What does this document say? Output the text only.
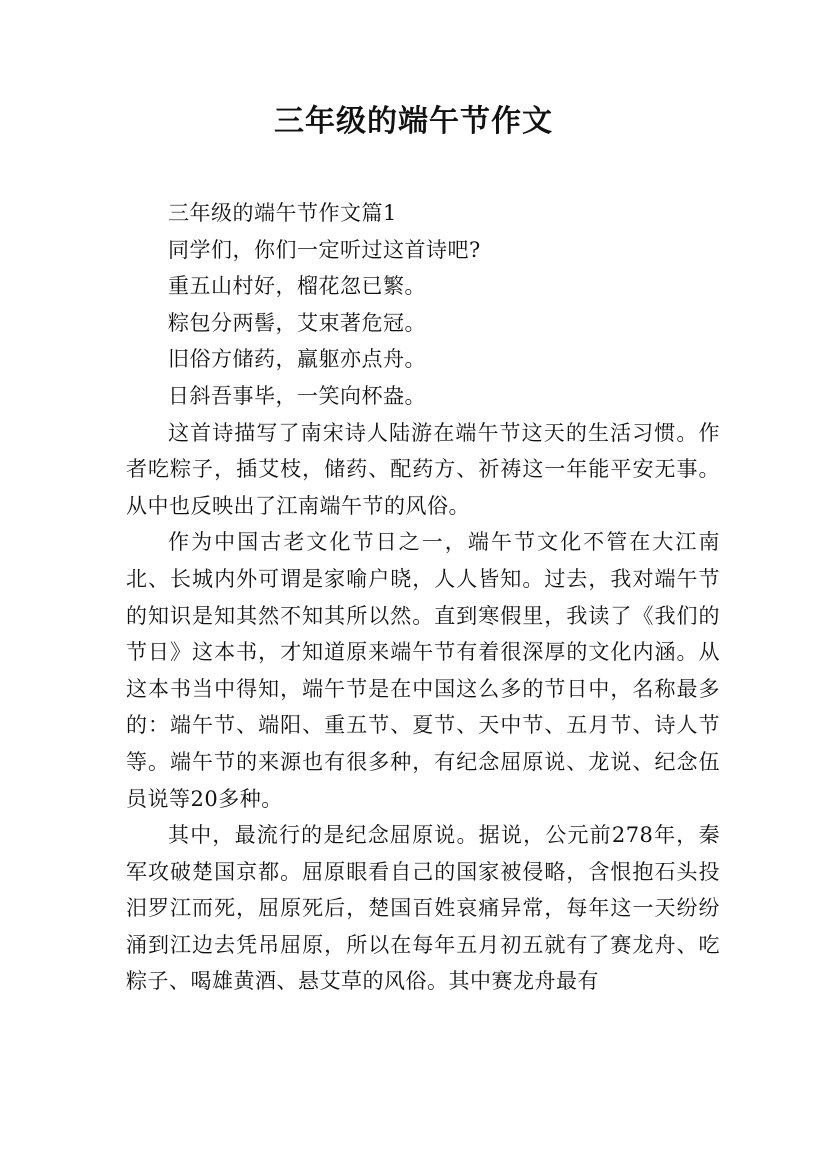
三年级的端午节作文

三年级的端午节作文篇1

同学们，你们一定听过这首诗吧?

重五山村好，榴花忽已繁。

粽包分两髻，艾束著危冠。

旧俗方储药，羸躯亦点舟。

日斜吾事毕，一笑向杯盎。

这首诗描写了南宋诗人陆游在端午节这天的生活习惯。作者吃粽子，插艾枝，储药、配药方、祈祷这一年能平安无事。从中也反映出了江南端午节的风俗。

作为中国古老文化节日之一，端午节文化不管在大江南北、长城内外可谓是家喻户晓，人人皆知。过去，我对端午节的知识是知其然不知其所以然。直到寒假里，我读了《我们的节日》这本书，才知道原来端午节有着很深厚的文化内涵。从这本书当中得知，端午节是在中国这么多的节日中，名称最多的：端午节、端阳、重五节、夏节、天中节、五月节、诗人节等。端午节的来源也有很多种，有纪念屈原说、龙说、纪念伍员说等20多种。

其中，最流行的是纪念屈原说。据说，公元前278年，秦军攻破楚国京都。屈原眼看自己的国家被侵略，含恨抱石头投汨罗江而死，屈原死后，楚国百姓哀痛异常，每年这一天纷纷涌到江边去凭吊屈原，所以在每年五月初五就有了赛龙舟、吃粽子、喝雄黄酒、悬艾草的风俗。其中赛龙舟最有
